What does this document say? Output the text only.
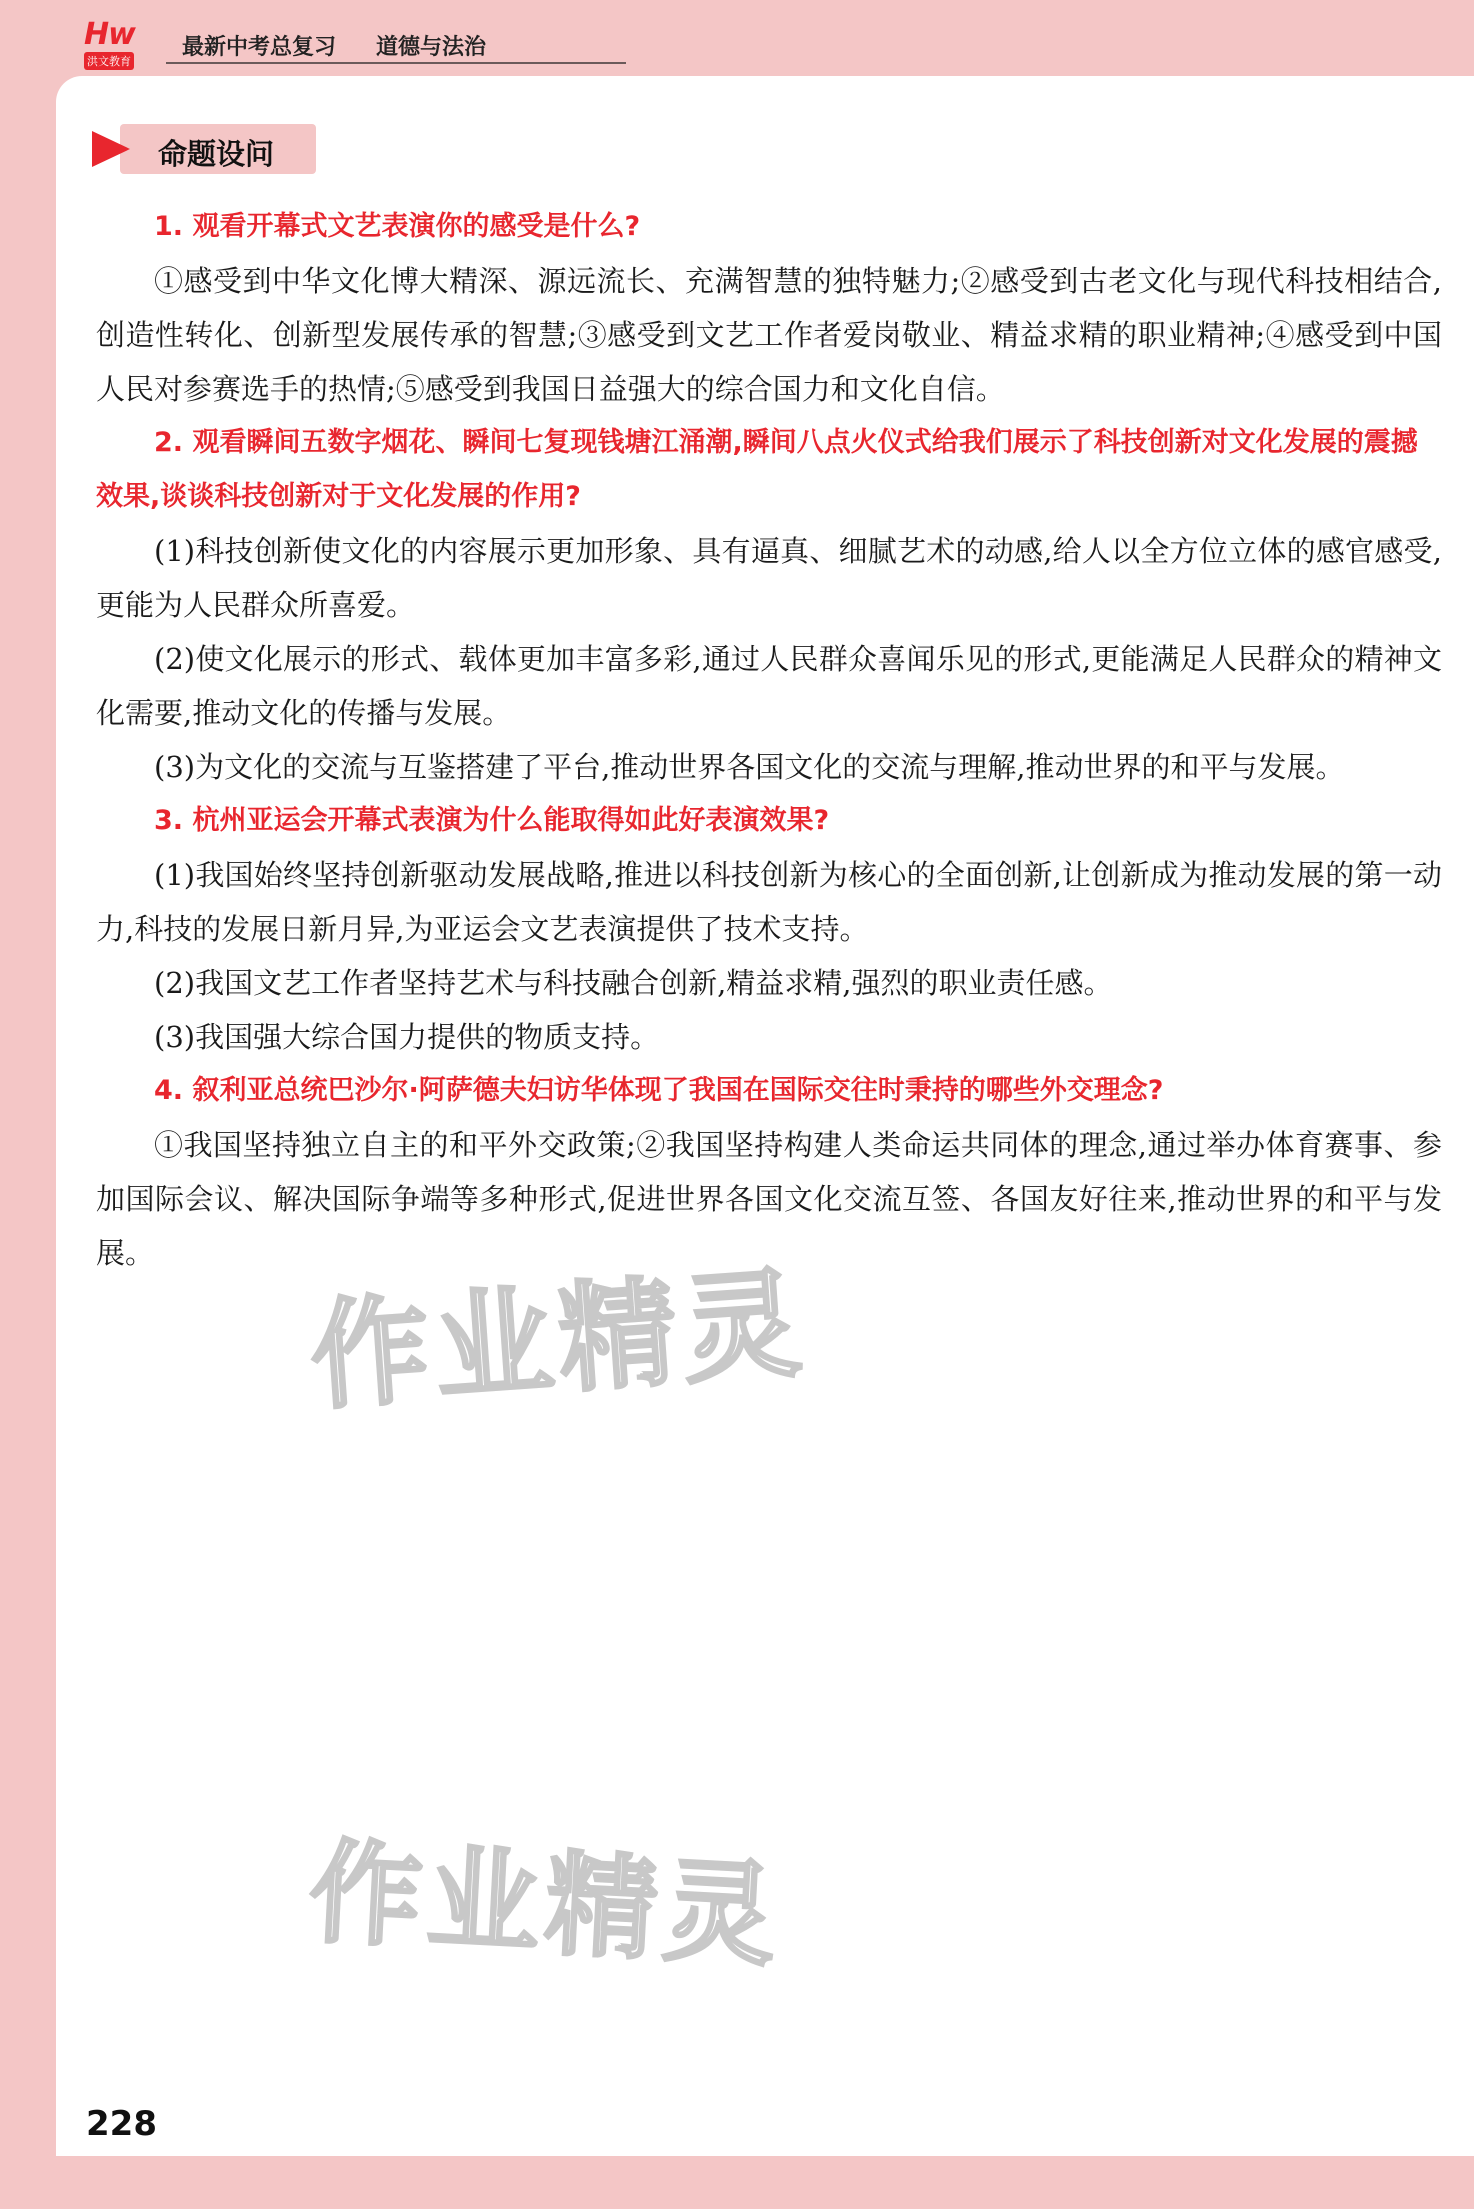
Hw
洪文教育
最新中考总复习 道德与法治
命题设问

1. 观看开幕式文艺表演你的感受是什么?

①感受到中华文化博大精深、源远流长、充满智慧的独特魅力;②感受到古老文化与现代科技相结合,创造性转化、创新型发展传承的智慧;③感受到文艺工作者爱岗敬业、精益求精的职业精神;④感受到中国人民对参赛选手的热情;⑤感受到我国日益强大的综合国力和文化自信。

2. 观看瞬间五数字烟花、瞬间七复现钱塘江涌潮,瞬间八点火仪式给我们展示了科技创新对文化发展的震撼效果,谈谈科技创新对于文化发展的作用?

(1)科技创新使文化的内容展示更加形象、具有逼真、细腻艺术的动感,给人以全方位立体的感官感受,更能为人民群众所喜爱。

(2)使文化展示的形式、载体更加丰富多彩,通过人民群众喜闻乐见的形式,更能满足人民群众的精神文化需要,推动文化的传播与发展。

(3)为文化的交流与互鉴搭建了平台,推动世界各国文化的交流与理解,推动世界的和平与发展。

3. 杭州亚运会开幕式表演为什么能取得如此好表演效果?

(1)我国始终坚持创新驱动发展战略,推进以科技创新为核心的全面创新,让创新成为推动发展的第一动力,科技的发展日新月异,为亚运会文艺表演提供了技术支持。

(2)我国文艺工作者坚持艺术与科技融合创新,精益求精,强烈的职业责任感。

(3)我国强大综合国力提供的物质支持。

4. 叙利亚总统巴沙尔·阿萨德夫妇访华体现了我国在国际交往时秉持的哪些外交理念?

①我国坚持独立自主的和平外交政策;②我国坚持构建人类命运共同体的理念,通过举办体育赛事、参加国际会议、解决国际争端等多种形式,促进世界各国文化交流互签、各国友好往来,推动世界的和平与发展。

作业精灵
作业精灵
228
